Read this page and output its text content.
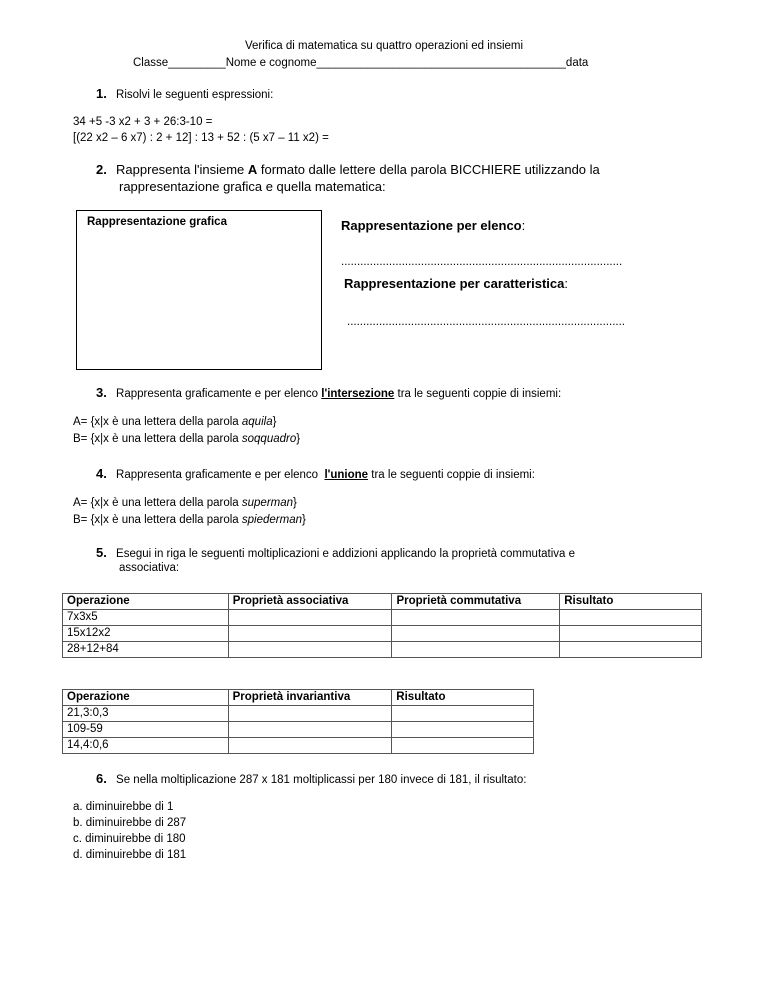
Verifica di matematica su quattro operazioni ed insiemi
Classe_________Nome e cognome_______________________________________data
1. Risolvi le seguenti espressioni:
34 +5 -3 x2 + 3 + 26:3-10 =
[(22 x2 – 6 x7) : 2 + 12] : 13 + 52 : (5 x7 – 11 x2) =
2. Rappresenta l'insieme A formato dalle lettere della parola BICCHIERE utilizzando la
rappresentazione grafica e quella matematica:
Rappresentazione grafica	Rappresentazione per elenco:
........................................................................................
Rappresentazione per caratteristica:
.......................................................................................
3. Rappresenta graficamente e per elenco l'intersezione tra le seguenti coppie di insiemi:
A= {x|x è una lettera della parola aquila}
B= {x|x è una lettera della parola soqquadro}
4. Rappresenta graficamente e per elenco  l'unione tra le seguenti coppie di insiemi:
A= {x|x è una lettera della parola superman}
B= {x|x è una lettera della parola spiederman}
5. Esegui in riga le seguenti moltiplicazioni e addizioni applicando la proprietà commutativa e
associativa:
Operazione	Proprietà associativa	Proprietà commutativa	Risultato
7x3x5			
15x12x2			
28+12+84			
Operazione	Proprietà invariantiva	Risultato
21,3:0,3		
109-59		
14,4:0,6		
6. Se nella moltiplicazione 287 x 181 moltiplicassi per 180 invece di 181, il risultato:
a. diminuirebbe di 1
b. diminuirebbe di 287
c. diminuirebbe di 180
d. diminuirebbe di 181
